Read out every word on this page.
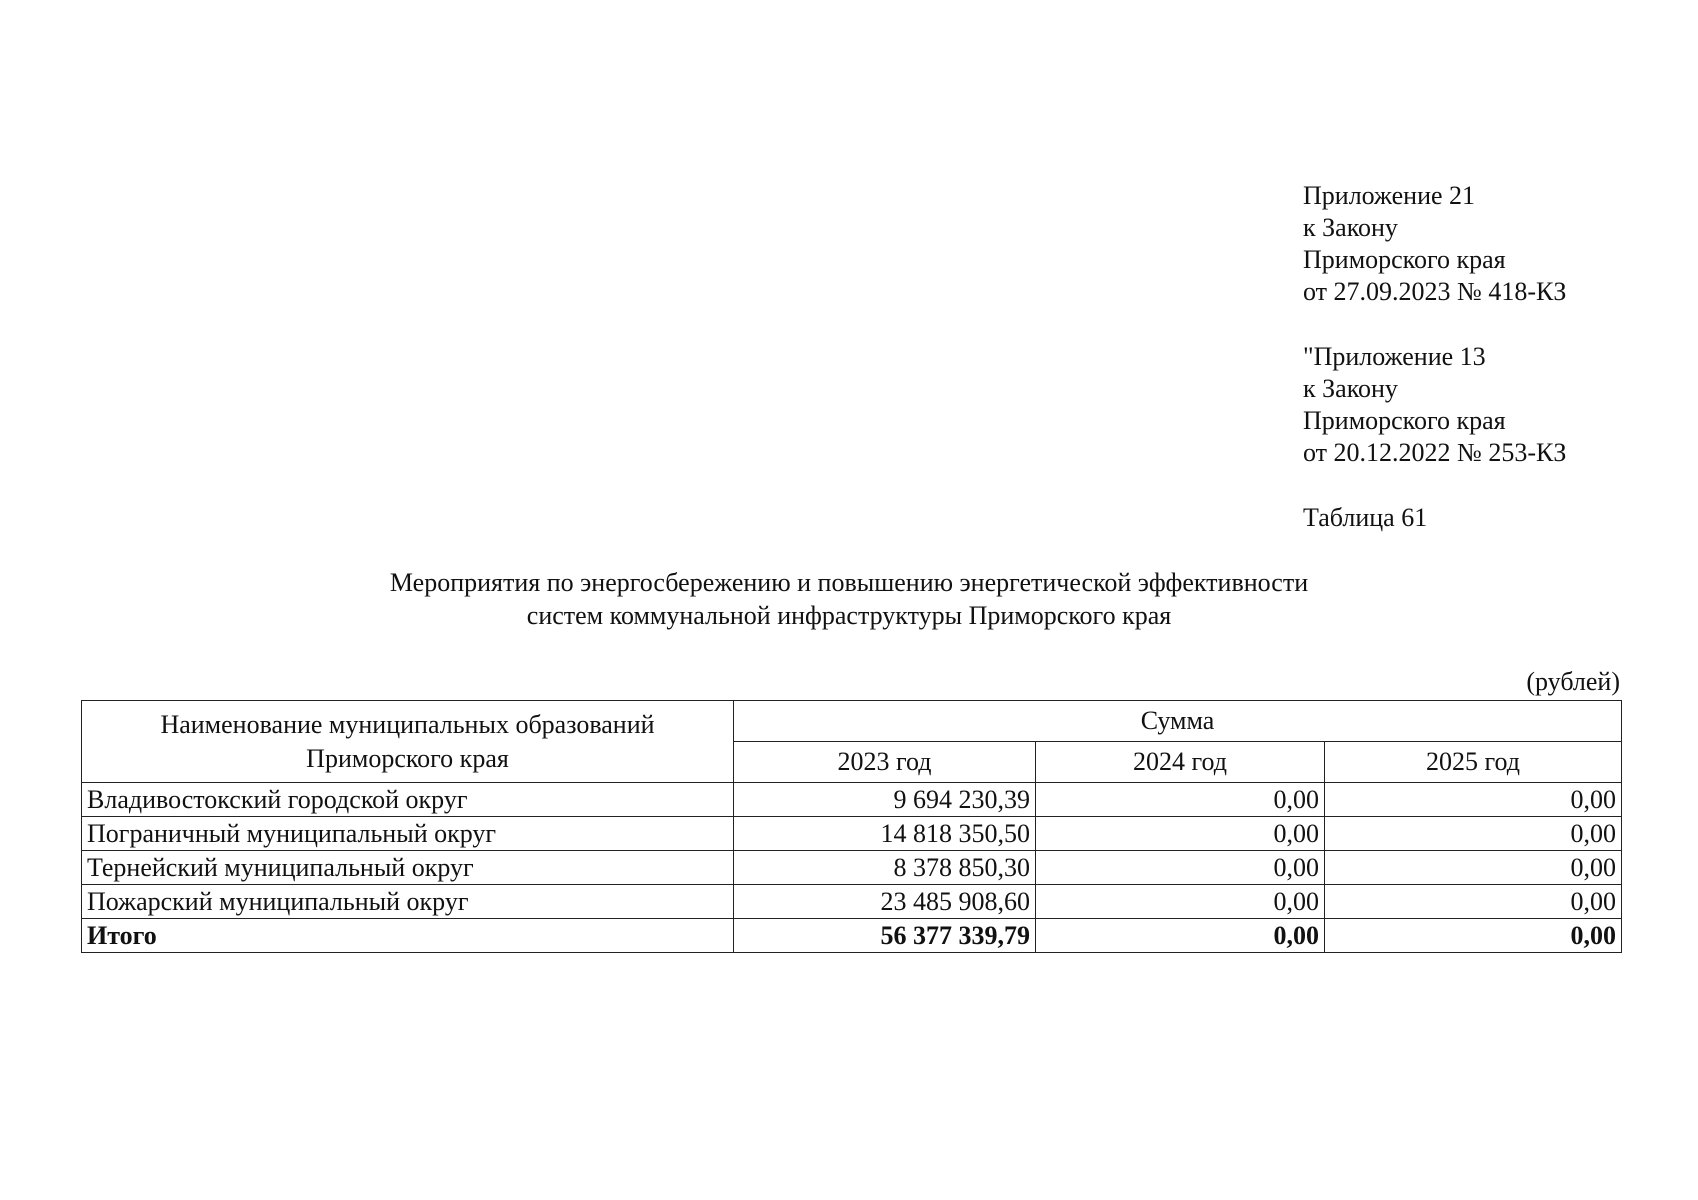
Приложение 21
к Закону
Приморского края
от 27.09.2023 № 418-КЗ
"Приложение 13
к Закону
Приморского края
от 20.12.2022 № 253-КЗ
Таблица 61
Мероприятия по энергосбережению и повышению энергетической эффективности
систем коммунальной инфраструктуры Приморского края
(рублей)
Наименование муниципальных образований Приморского края	Сумма		
	2023 год	2024 год	2025 год
Владивостокский городской округ	9 694 230,39	0,00	0,00
Пограничный муниципальный округ	14 818 350,50	0,00	0,00
Тернейский муниципальный округ	8 378 850,30	0,00	0,00
Пожарский муниципальный округ	23 485 908,60	0,00	0,00
Итого	56 377 339,79	0,00	0,00
